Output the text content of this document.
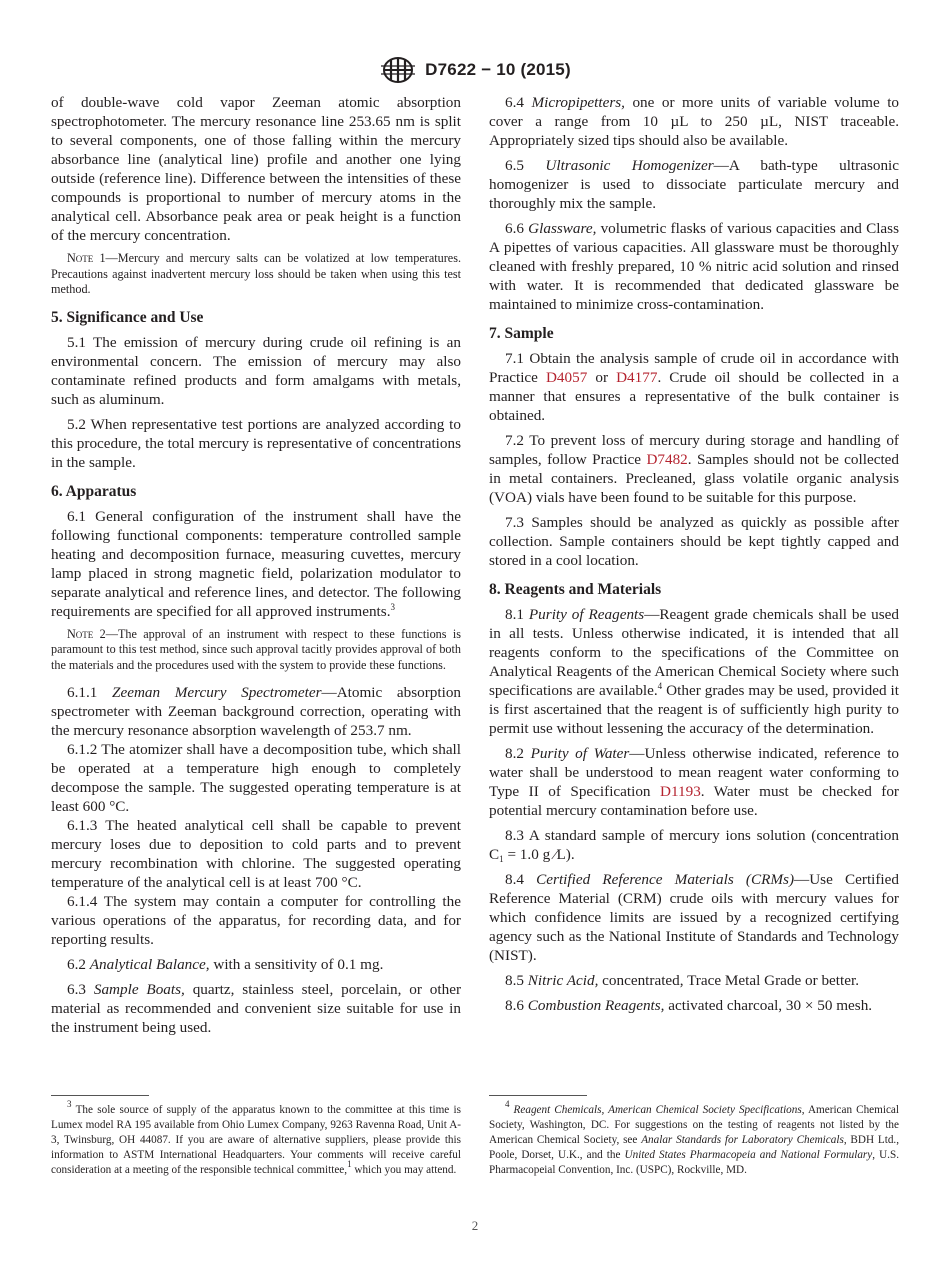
D7622 − 10 (2015)

of double-wave cold vapor Zeeman atomic absorption spectrophotometer. The mercury resonance line 253.65 nm is split to several components, one of those falling within the mercury absorbance line (analytical line) profile and another one lying outside (reference line). Difference between the intensities of these compounds is proportional to number of mercury atoms in the analytical cell. Absorbance peak area or peak height is a function of the mercury concentration.

Note 1—Mercury and mercury salts can be volatized at low temperatures. Precautions against inadvertent mercury loss should be taken when using this test method.
5. Significance and Use

5.1 The emission of mercury during crude oil refining is an environmental concern. The emission of mercury may also contaminate refined products and form amalgams with metals, such as aluminum.

5.2 When representative test portions are analyzed according to this procedure, the total mercury is representative of concentrations in the sample.

6. Apparatus

6.1 General configuration of the instrument shall have the following functional components: temperature controlled sample heating and decomposition furnace, measuring cuvettes, mercury lamp placed in strong magnetic field, polarization modulator to separate analytical and reference lines, and detector. The following requirements are specified for all approved instruments.$^3$

Note 2—The approval of an instrument with respect to these functions is paramount to this test method, since such approval tacitly provides approval of both the materials and the procedures used with the system to provide these functions.

6.1.1 Zeeman Mercury Spectrometer—Atomic absorption spectrometer with Zeeman background correction, operating with the mercury resonance absorption wavelength of 253.7 nm.

6.1.2 The atomizer shall have a decomposition tube, which shall be operated at a temperature high enough to completely decompose the sample. The suggested operating temperature is at least 600 °C.

6.1.3 The heated analytical cell shall be capable to prevent mercury loses due to deposition to cold parts and to prevent mercury recombination with chlorine. The suggested operating temperature of the analytical cell is at least 700 °C.

6.1.4 The system may contain a computer for controlling the various operations of the apparatus, for recording data, and for reporting results.

6.2 Analytical Balance, with a sensitivity of 0.1 mg.

6.3 Sample Boats, quartz, stainless steel, porcelain, or other material as recommended and convenient size suitable for use in the instrument being used.

$^3$ The sole source of supply of the apparatus known to the committee at this time is Lumex model RA 195 available from Ohio Lumex Company, 9263 Ravenna Road, Unit A-3, Twinsburg, OH 44087. If you are aware of alternative suppliers, please provide this information to ASTM International Headquarters. Your comments will receive careful consideration at a meeting of the responsible technical committee,$^1$ which you may attend.

6.4 Micropipetters, one or more units of variable volume to cover a range from 10 µL to 250 µL, NIST traceable. Appropriately sized tips should also be available.

6.5 Ultrasonic Homogenizer—A bath-type ultrasonic homogenizer is used to dissociate particulate mercury and thoroughly mix the sample.

6.6 Glassware, volumetric flasks of various capacities and Class A pipettes of various capacities. All glassware must be thoroughly cleaned with freshly prepared, 10 % nitric acid solution and rinsed with water. It is recommended that dedicated glassware be maintained to minimize cross-contamination.

7. Sample

7.1 Obtain the analysis sample of crude oil in accordance with Practice D4057 or D4177. Crude oil should be collected in a manner that ensures a representative of the bulk container is obtained.

7.2 To prevent loss of mercury during storage and handling of samples, follow Practice D7482. Samples should not be collected in metal containers. Precleaned, glass volatile organic analysis (VOA) vials have been found to be suitable for this purpose.

7.3 Samples should be analyzed as quickly as possible after collection. Sample containers should be kept tightly capped and stored in a cool location.

8. Reagents and Materials

8.1 Purity of Reagents—Reagent grade chemicals shall be used in all tests. Unless otherwise indicated, it is intended that all reagents conform to the specifications of the Committee on Analytical Reagents of the American Chemical Society where such specifications are available.$^4$ Other grades may be used, provided it is first ascertained that the reagent is of sufficiently high purity to permit use without lessening the accuracy of the determination.

8.2 Purity of Water—Unless otherwise indicated, reference to water shall be understood to mean reagent water conforming to Type II of Specification D1193. Water must be checked for potential mercury contamination before use.

8.3 A standard sample of mercury ions solution (concentration $C_1 = 1.0$ g ⁄L).

8.4 Certified Reference Materials (CRMs)—Use Certified Reference Material (CRM) crude oils with mercury values for which confidence limits are issued by a recognized certifying agency such as the National Institute of Standards and Technology (NIST).

8.5 Nitric Acid, concentrated, Trace Metal Grade or better.

8.6 Combustion Reagents, activated charcoal, 30 × 50 mesh.

$^4$ Reagent Chemicals, American Chemical Society Specifications, American Chemical Society, Washington, DC. For suggestions on the testing of reagents not listed by the American Chemical Society, see Analar Standards for Laboratory Chemicals, BDH Ltd., Poole, Dorset, U.K., and the United States Pharmacopeia and National Formulary, U.S. Pharmacopeial Convention, Inc. (USPC), Rockville, MD.
2
